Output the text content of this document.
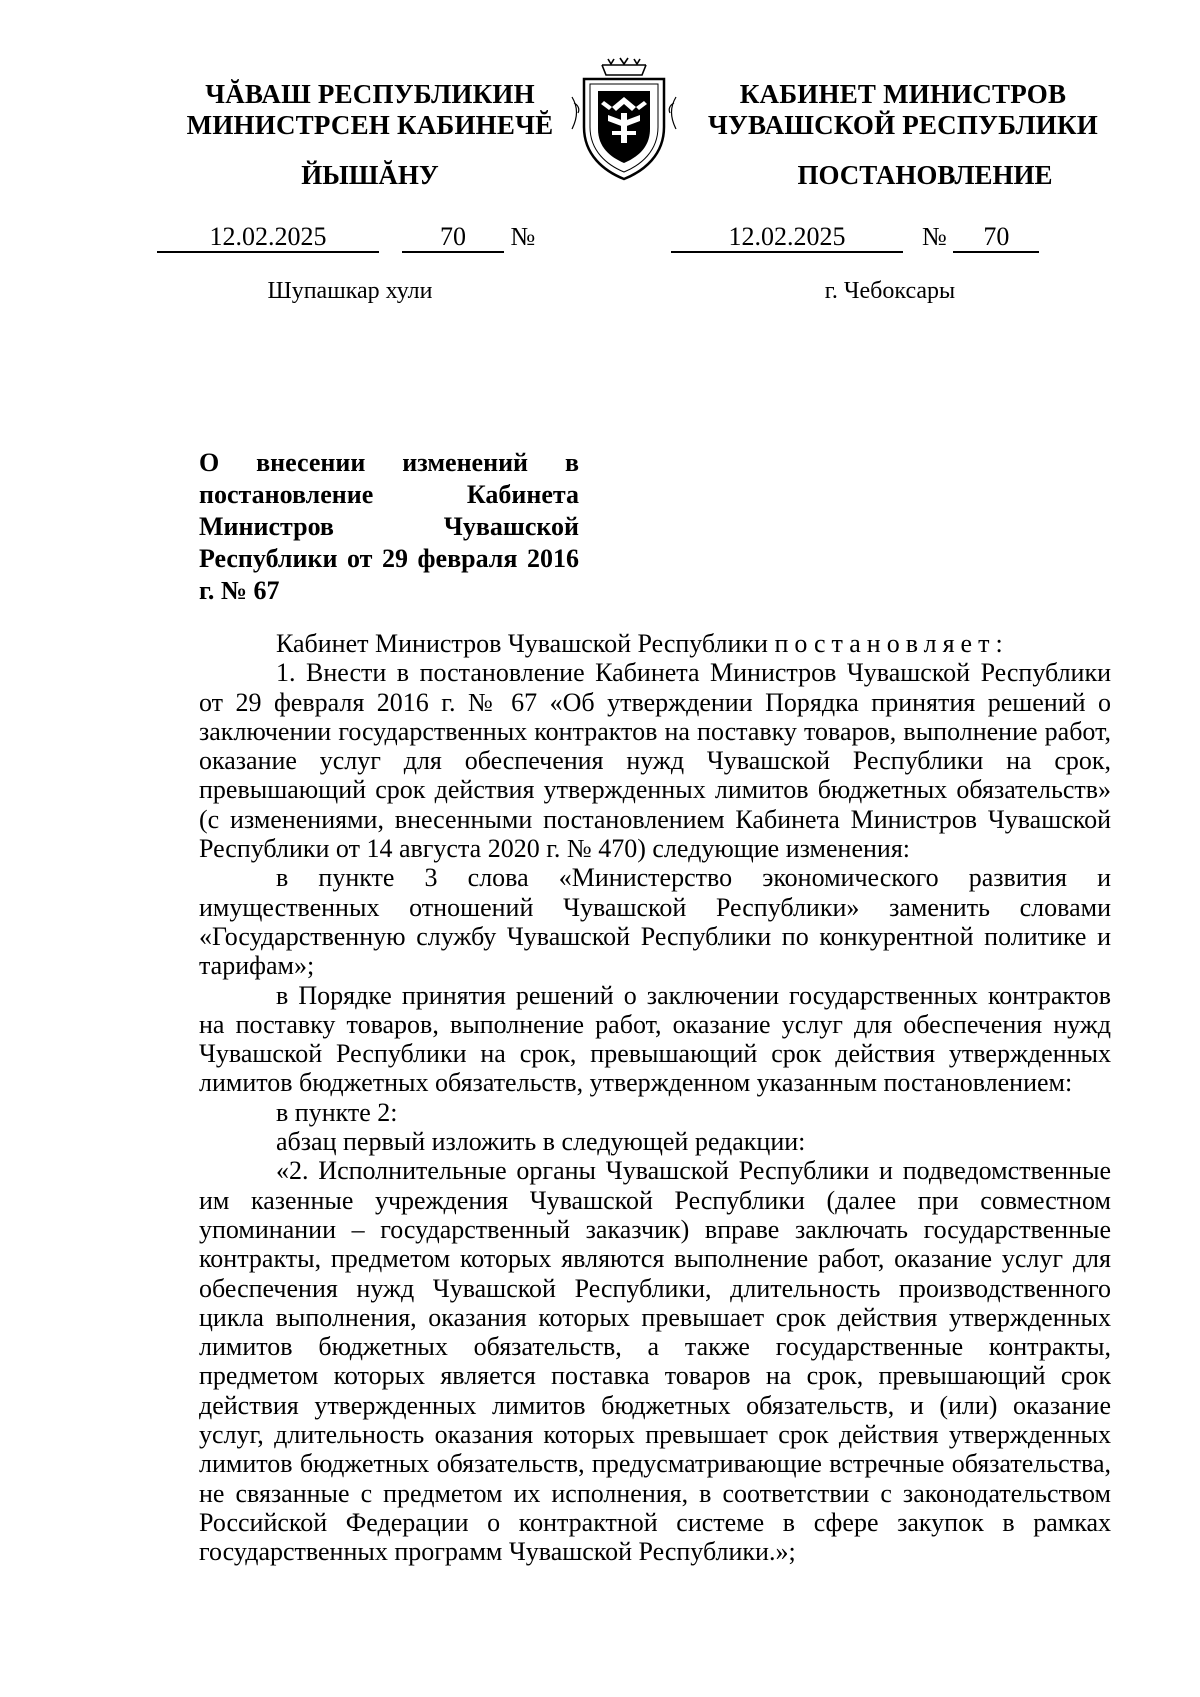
ЧĂВАШ РЕСПУБЛИКИН
МИНИСТРСЕН КАБИНЕЧĔ
ЙЫШĂНУ
КАБИНЕТ МИНИСТРОВ
ЧУВАШСКОЙ РЕСПУБЛИКИ
ПОСТАНОВЛЕНИЕ
12.02.2025	70 №	12.02.2025	№ 70
Шупашкар хули	г. Чебоксары
О внесении изменений в постановление Кабинета Министров Чувашской Республики от 29 февраля 2016 г. № 67

Кабинет Министров Чувашской Республики постановляет:

1. Внести в постановление Кабинета Министров Чувашской Республики от 29 февраля 2016 г. № 67 «Об утверждении Порядка принятия решений о заключении государственных контрактов на поставку товаров, выполнение работ, оказание услуг для обеспечения нужд Чувашской Республики на срок, превышающий срок действия утвержденных лимитов бюджетных обязательств» (с изменениями, внесенными постановлением Кабинета Министров Чувашской Республики от 14 августа 2020 г. № 470) следующие изменения:

в пункте 3 слова «Министерство экономического развития и имущественных отношений Чувашской Республики» заменить словами «Государственную службу Чувашской Республики по конкурентной политике и тарифам»;

в Порядке принятия решений о заключении государственных контрактов на поставку товаров, выполнение работ, оказание услуг для обеспечения нужд Чувашской Республики на срок, превышающий срок действия утвержденных лимитов бюджетных обязательств, утвержденном указанным постановлением:

в пункте 2:

абзац первый изложить в следующей редакции:

«2. Исполнительные органы Чувашской Республики и подведомственные им казенные учреждения Чувашской Республики (далее при совместном упоминании – государственный заказчик) вправе заключать государственные контракты, предметом которых являются выполнение работ, оказание услуг для обеспечения нужд Чувашской Республики, длительность производственного цикла выполнения, оказания которых превышает срок действия утвержденных лимитов бюджетных обязательств, а также государственные контракты, предметом которых является поставка товаров на срок, превышающий срок действия утвержденных лимитов бюджетных обязательств, и (или) оказание услуг, длительность оказания которых превышает срок действия утвержденных лимитов бюджетных обязательств, предусматривающие встречные обязательства, не связанные с предметом их исполнения, в соответствии с законодательством Российской Федерации о контрактной системе в сфере закупок в рамках государственных программ Чувашской Республики.»;
